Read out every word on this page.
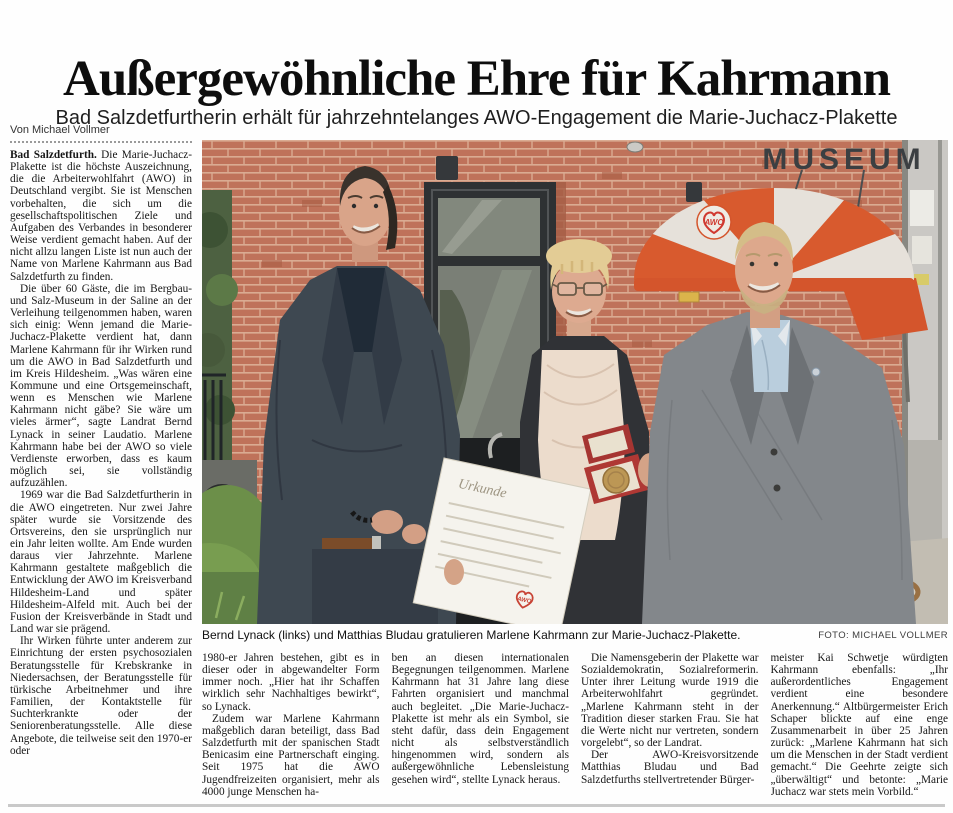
Außergewöhnliche Ehre für Kahrmann
Bad Salzdetfurtherin erhält für jahrzehntelanges AWO-Engagement die Marie-Juchacz-Plakette
Von Michael Vollmer

Bad Salzdetfurth. Die Marie-Juchacz-Plakette ist die höchste Auszeichnung, die die Arbeiterwohlfahrt (AWO) in Deutschland vergibt. Sie ist Menschen vorbehalten, die sich um die gesellschaftspolitischen Ziele und Aufgaben des Verbandes in besonderer Weise verdient gemacht haben. Auf der nicht allzu langen Liste ist nun auch der Name von Marlene Kahrmann aus Bad Salzdetfurth zu finden.

Die über 60 Gäste, die im Bergbau- und Salz-Museum in der Saline an der Verleihung teilgenommen haben, waren sich einig: Wenn jemand die Marie-Juchacz-Plakette verdient hat, dann Marlene Kahrmann für ihr Wirken rund um die AWO in Bad Salzdetfurth und im Kreis Hildesheim. „Was wären eine Kommune und eine Ortsgemeinschaft, wenn es Menschen wie Marlene Kahrmann nicht gäbe? Sie wäre um vieles ärmer“, sagte Landrat Bernd Lynack in seiner Laudatio. Marlene Kahrmann habe bei der AWO so viele Verdienste erworben, dass es kaum möglich sei, sie vollständig aufzuzählen.

1969 war die Bad Salzdetfurtherin in die AWO eingetreten. Nur zwei Jahre später wurde sie Vorsitzende des Ortsvereins, den sie ursprünglich nur ein Jahr leiten wollte. Am Ende wurden daraus vier Jahrzehnte. Marlene Kahrmann gestaltete maßgeblich die Entwicklung der AWO im Kreisverband Hildesheim-Land und später Hildesheim-Alfeld mit. Auch bei der Fusion der Kreisverbände in Stadt und Land war sie prägend.

Ihr Wirken führte unter anderem zur Einrichtung der ersten psychosozialen Beratungsstelle für Krebskranke in Niedersachsen, der Beratungsstelle für türkische Arbeitnehmer und ihre Familien, der Kontaktstelle für Suchterkrankte oder der Seniorenberatungsstelle. Alle diese Angebote, die teilweise seit den 1970-er oder

MUSEUM
AWO
Urkunde
AWO
Bernd Lynack (links) und Matthias Bludau gratulieren Marlene Kahrmann zur Marie-Juchacz-Plakette.	FOTO: MICHAEL VOLLMER

1980-er Jahren bestehen, gibt es in dieser oder in abgewandelter Form immer noch. „Hier hat ihr Schaffen wirklich sehr Nachhaltiges bewirkt“, so Lynack.

Zudem war Marlene Kahrmann maßgeblich daran beteiligt, dass Bad Salzdetfurth mit der spanischen Stadt Benicasim eine Partnerschaft einging. Seit 1975 hat die AWO Jugendfreizeiten organisiert, mehr als 4000 junge Menschen ha-

ben an diesen internationalen Begegnungen teilgenommen. Marlene Kahrmann hat 31 Jahre lang diese Fahrten organisiert und manchmal auch begleitet. „Die Marie-Juchacz-Plakette ist mehr als ein Symbol, sie steht dafür, dass dein Engagement nicht als selbstverständlich hingenommen wird, sondern als außergewöhnliche Lebensleistung gesehen wird“, stellte Lynack heraus.

Die Namensgeberin der Plakette war Sozialdemokratin, Sozialreformerin. Unter ihrer Leitung wurde 1919 die Arbeiterwohlfahrt gegründet. „Marlene Kahrmann steht in der Tradition dieser starken Frau. Sie hat die Werte nicht nur vertreten, sondern vorgelebt“, so der Landrat.

Der AWO-Kreisvorsitzende Matthias Bludau und Bad Salzdetfurths stellvertretender Bürger-

meister Kai Schwetje würdigten Kahrmann ebenfalls: „Ihr außerordentliches Engagement verdient eine besondere Anerkennung.“ Altbürgermeister Erich Schaper blickte auf eine enge Zusammenarbeit in über 25 Jahren zurück: „Marlene Kahrmann hat sich um die Menschen in der Stadt verdient gemacht.“ Die Geehrte zeigte sich „überwältigt“ und betonte: „Marie Juchacz war stets mein Vorbild.“
